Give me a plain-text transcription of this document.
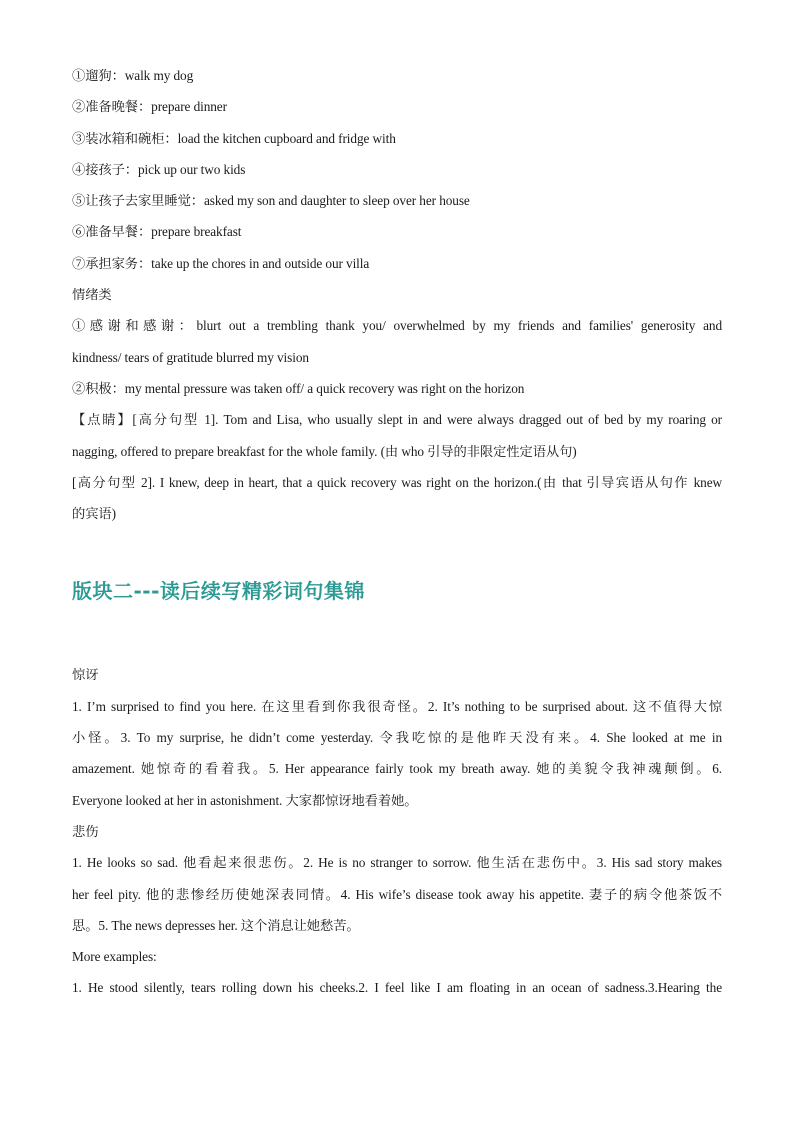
①遛狗：walk my dog
②准备晚餐：prepare dinner
③装冰箱和碗柜：load the kitchen cupboard and fridge with
④接孩子：pick up our two kids
⑤让孩子去家里睡觉：asked my son and daughter to sleep over her house
⑥准备早餐：prepare breakfast
⑦承担家务：take up the chores in and outside our villa
情绪类
①感谢和感谢：blurt out a trembling thank you/ overwhelmed by my friends and families' generosity and
kindness/ tears of gratitude blurred my vision
②积极：my mental pressure was taken off/ a quick recovery was right on the horizon
【点睛】[高分句型 1]. Tom and Lisa, who usually slept in and were always dragged out of bed by my roaring or
nagging, offered to prepare breakfast for the whole family. (由 who 引导的非限定性定语从句)
[高分句型 2]. I knew, deep in heart, that a quick recovery was right on the horizon.(由 that 引导宾语从句作 knew
的宾语)
版块二---读后续写精彩词句集锦
惊讶
1. I’m surprised to find you here. 在这里看到你我很奇怪。2. It’s nothing to be surprised about. 这不值得大惊
小怪。3. To my surprise, he didn’t come yesterday. 令我吃惊的是他昨天没有来。4. She looked at me in
amazement. 她惊奇的看着我。5. Her appearance fairly took my breath away. 她的美貌令我神魂颠倒。6.
Everyone looked at her in astonishment. 大家都惊讶地看着她。
悲伤
1. He looks so sad. 他看起来很悲伤。2. He is no stranger to sorrow. 他生活在悲伤中。3. His sad story makes
her feel pity. 他的悲惨经历使她深表同情。4. His wife’s disease took away his appetite. 妻子的病令他茶饭不
思。5. The news depresses her. 这个消息让她愁苦。
More examples:
1. He stood silently, tears rolling down his cheeks.2. I feel like I am floating in an ocean of sadness.3.Hearing the
